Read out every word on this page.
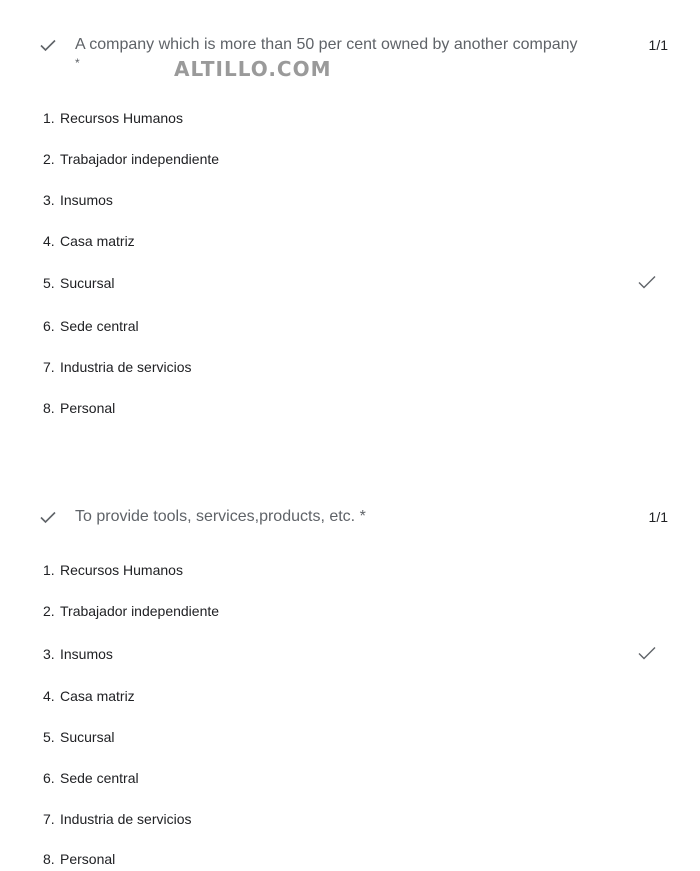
A company which is more than 50 per cent owned by another company
*
1/1
1. Recursos Humanos
2. Trabajador independiente
3. Insumos
4. Casa matriz
5. Sucursal
6. Sede central
7. Industria de servicios
8. Personal
ALTILLO.COM
To provide tools, services,products, etc. *	1/1
1. Recursos Humanos
2. Trabajador independiente
3. Insumos
4. Casa matriz
5. Sucursal
6. Sede central
7. Industria de servicios
8. Personal
